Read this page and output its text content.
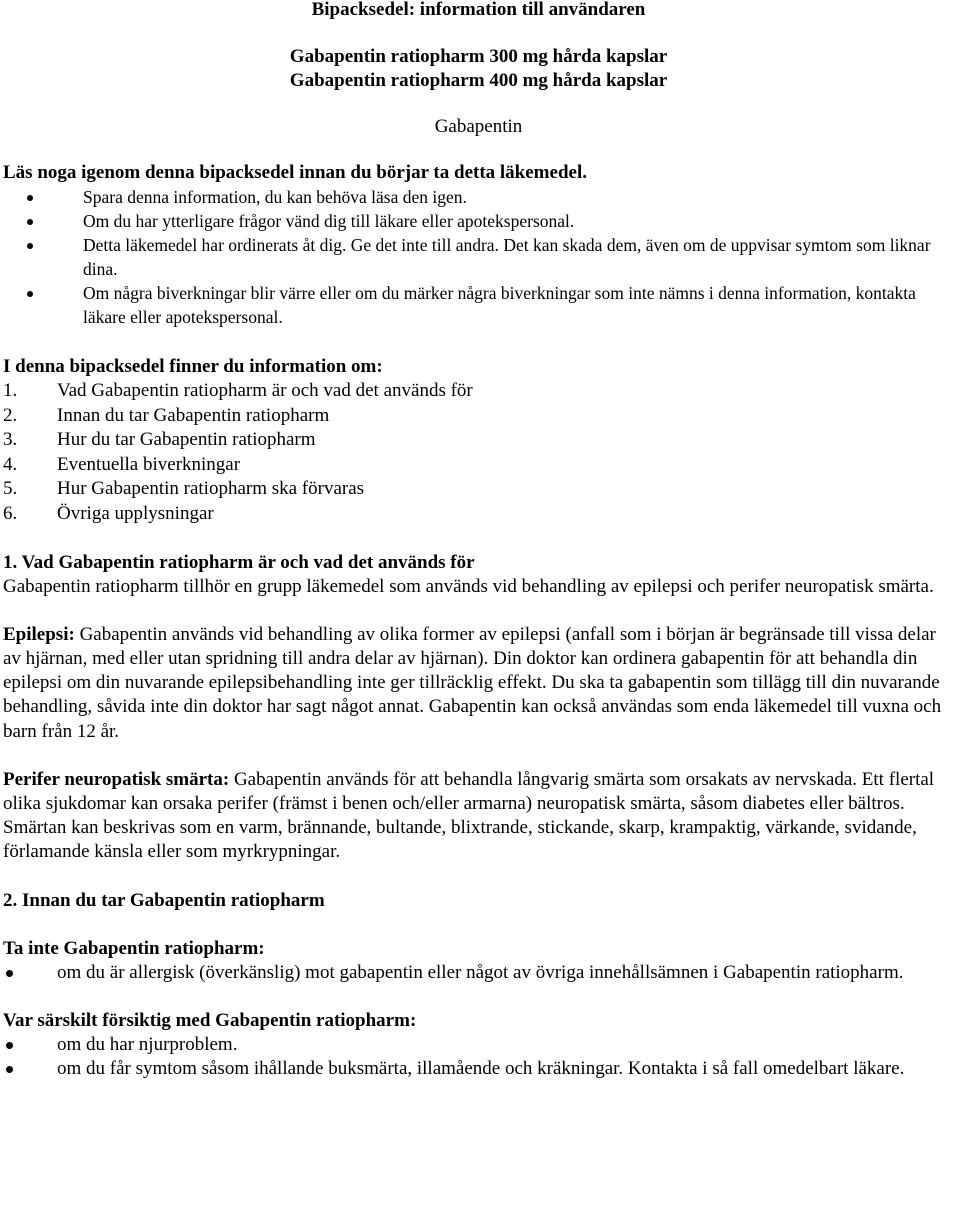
Bipacksedel: information till användaren

Gabapentin ratiopharm 300 mg hårda kapslar

Gabapentin ratiopharm 400 mg hårda kapslar

Gabapentin

Läs noga igenom denna bipacksedel innan du börjar ta detta läkemedel.

Spara denna information, du kan behöva läsa den igen.
Om du har ytterligare frågor vänd dig till läkare eller apotekspersonal.
Detta läkemedel har ordinerats åt dig. Ge det inte till andra. Det kan skada dem, även om de uppvisar symtom som liknar dina.
Om några biverkningar blir värre eller om du märker några biverkningar som inte nämns i denna information, kontakta läkare eller apotekspersonal.

I denna bipacksedel finner du information om:

1. Vad Gabapentin ratiopharm är och vad det används för
2. Innan du tar Gabapentin ratiopharm
3. Hur du tar Gabapentin ratiopharm
4. Eventuella biverkningar
5. Hur Gabapentin ratiopharm ska förvaras
6. Övriga upplysningar

1. Vad Gabapentin ratiopharm är och vad det används för

Gabapentin ratiopharm tillhör en grupp läkemedel som används vid behandling av epilepsi och perifer neuropatisk smärta.

Epilepsi: Gabapentin används vid behandling av olika former av epilepsi (anfall som i början är begränsade till vissa delar av hjärnan, med eller utan spridning till andra delar av hjärnan). Din doktor kan ordinera gabapentin för att behandla din epilepsi om din nuvarande epilepsibehandling inte ger tillräcklig effekt. Du ska ta gabapentin som tillägg till din nuvarande behandling, såvida inte din doktor har sagt något annat. Gabapentin kan också användas som enda läkemedel till vuxna och barn från 12 år.

Perifer neuropatisk smärta: Gabapentin används för att behandla långvarig smärta som orsakats av nervskada. Ett flertal olika sjukdomar kan orsaka perifer (främst i benen och/eller armarna) neuropatisk smärta, såsom diabetes eller bältros. Smärtan kan beskrivas som en varm, brännande, bultande, blixtrande, stickande, skarp, krampaktig, värkande, svidande, förlamande känsla eller som myrkrypningar.

2. Innan du tar Gabapentin ratiopharm

Ta inte Gabapentin ratiopharm:

om du är allergisk (överkänslig) mot gabapentin eller något av övriga innehållsämnen i Gabapentin ratiopharm.

Var särskilt försiktig med Gabapentin ratiopharm:

om du har njurproblem.
om du får symtom såsom ihållande buksmärta, illamående och kräkningar. Kontakta i så fall omedelbart läkare.
